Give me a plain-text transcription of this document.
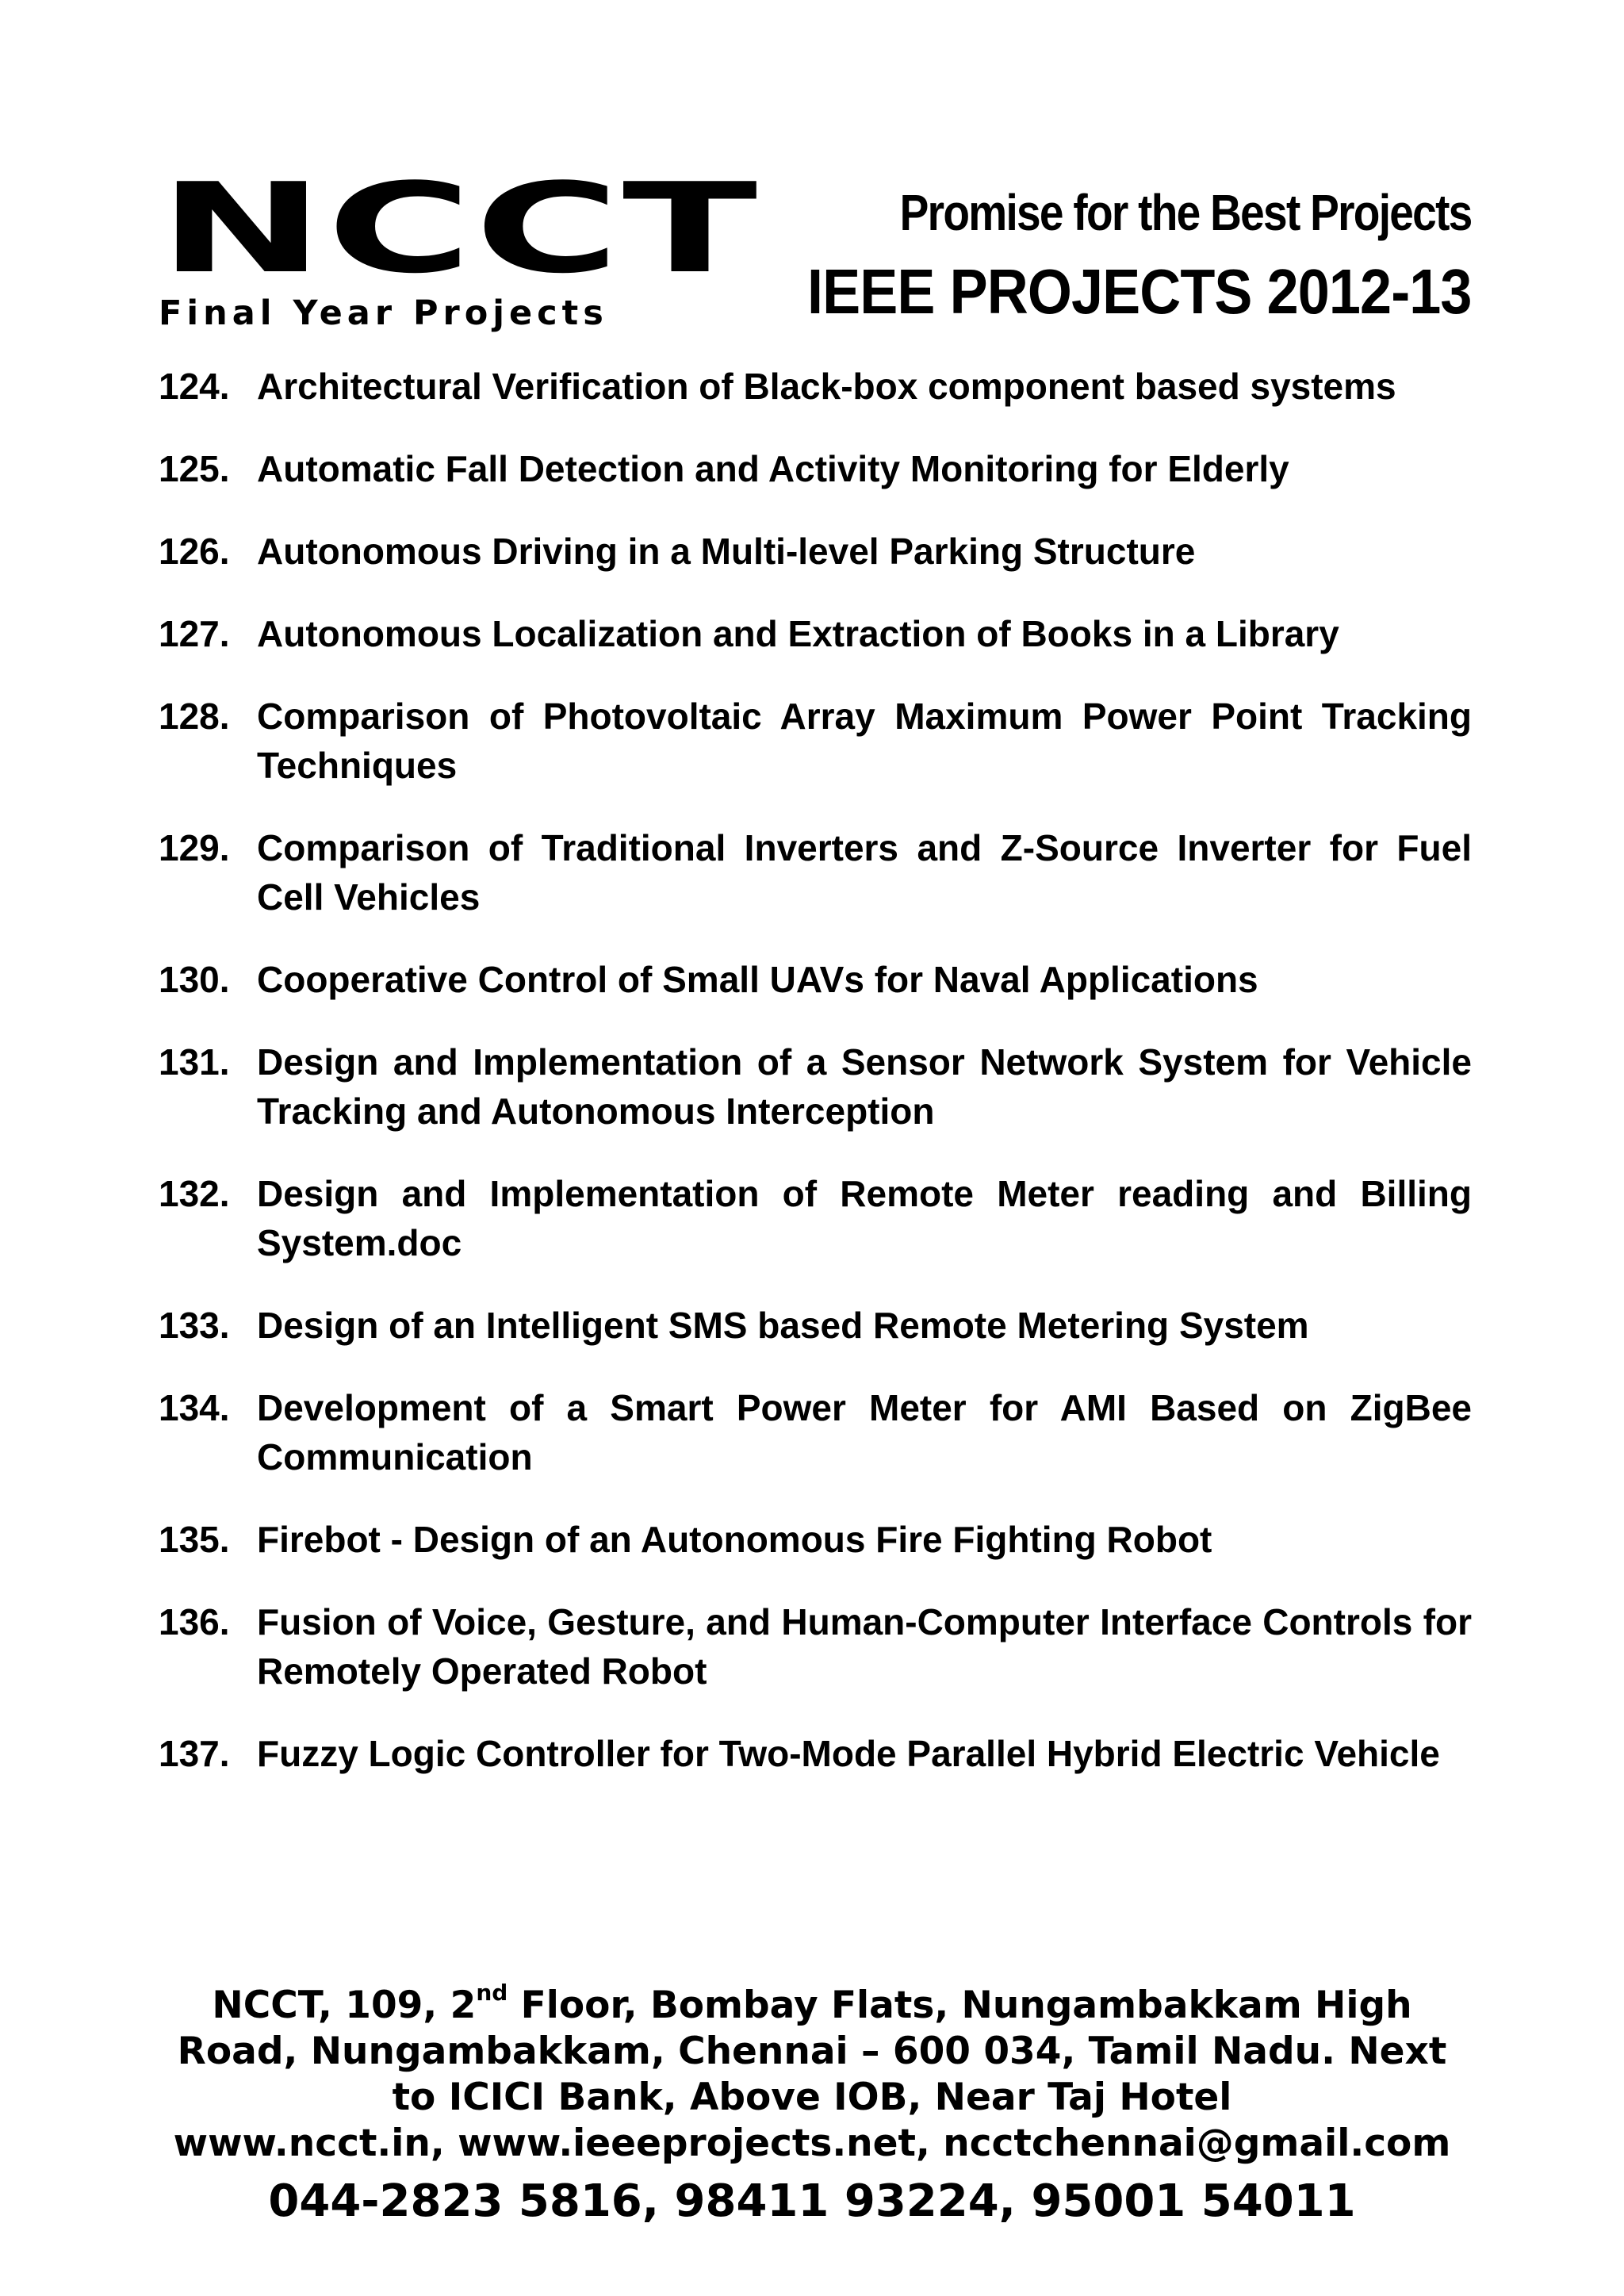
NCCT
Final Year Projects
Promise for the Best Projects
IEEE PROJECTS 2012-13
124. Architectural Verification of Black-box component based systems
125. Automatic Fall Detection and Activity Monitoring for Elderly
126. Autonomous Driving in a Multi-level Parking Structure
127. Autonomous Localization and Extraction of Books in a Library
128. Comparison of Photovoltaic Array Maximum Power Point Tracking Techniques
129. Comparison of Traditional Inverters and Z-Source Inverter for Fuel Cell Vehicles
130. Cooperative Control of Small UAVs for Naval Applications
131. Design and Implementation of a Sensor Network System for Vehicle Tracking and Autonomous Interception
132. Design and Implementation of Remote Meter reading and Billing System.doc
133. Design of an Intelligent SMS based Remote Metering System
134. Development of a Smart Power Meter for AMI Based on ZigBee Communication
135. Firebot - Design of an Autonomous Fire Fighting Robot
136. Fusion of Voice, Gesture, and Human-Computer Interface Controls for Remotely Operated Robot
137. Fuzzy Logic Controller for Two-Mode Parallel Hybrid Electric Vehicle
NCCT, 109, 2nd Floor, Bombay Flats, Nungambakkam High
Road, Nungambakkam, Chennai – 600 034, Tamil Nadu. Next
to ICICI Bank, Above IOB, Near Taj Hotel
www.ncct.in, www.ieeeprojects.net, ncctchennai@gmail.com
044-2823 5816, 98411 93224, 95001 54011
